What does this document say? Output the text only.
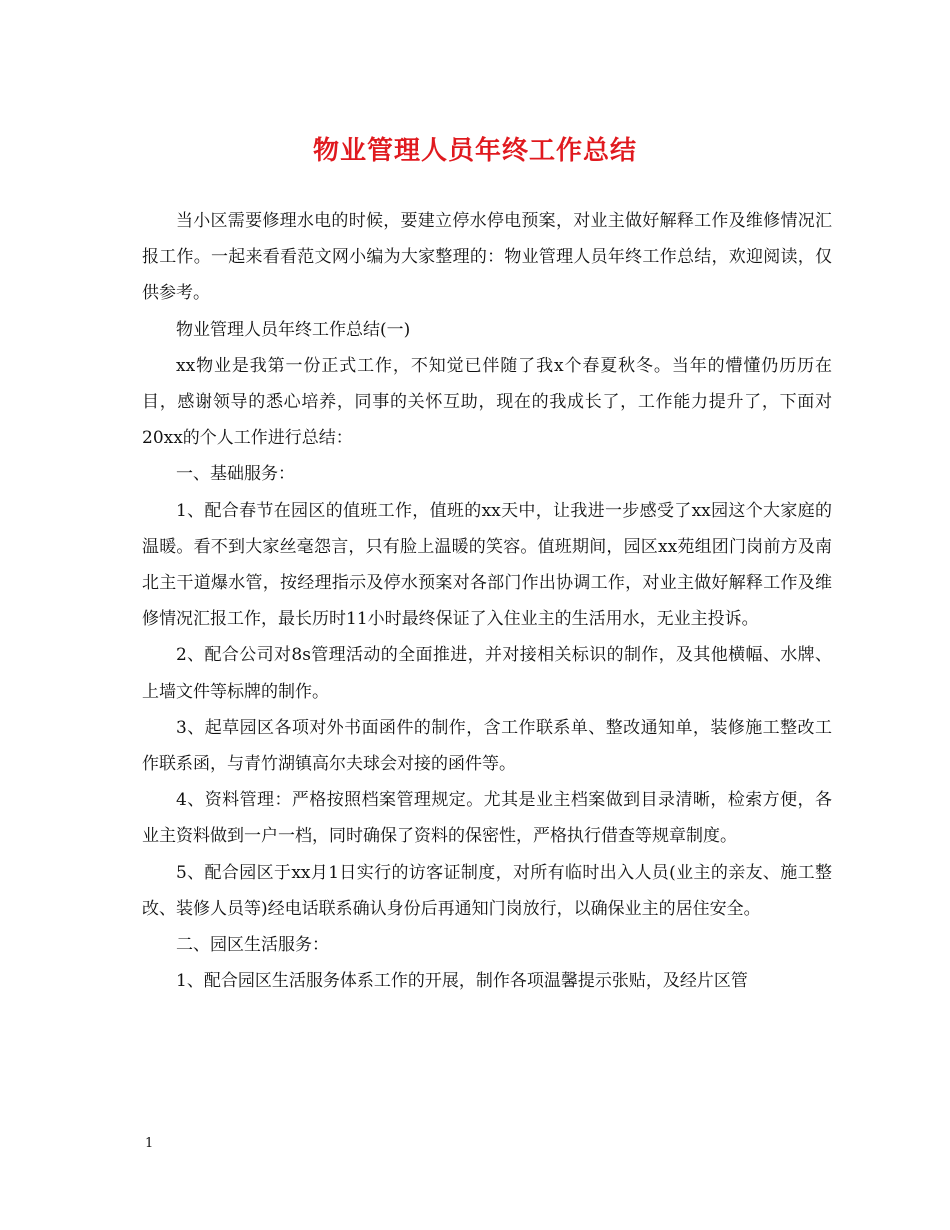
物业管理人员年终工作总结

当小区需要修理水电的时候，要建立停水停电预案，对业主做好解释工作及维修情况汇报工作。一起来看看范文网小编为大家整理的：物业管理人员年终工作总结，欢迎阅读，仅供参考。

物业管理人员年终工作总结(一)

xx物业是我第一份正式工作，不知觉已伴随了我x个春夏秋冬。当年的懵懂仍历历在目，感谢领导的悉心培养，同事的关怀互助，现在的我成长了，工作能力提升了，下面对20xx的个人工作进行总结：

一、基础服务：

1、配合春节在园区的值班工作，值班的xx天中，让我进一步感受了xx园这个大家庭的温暖。看不到大家丝毫怨言，只有脸上温暖的笑容。值班期间，园区xx苑组团门岗前方及南北主干道爆水管，按经理指示及停水预案对各部门作出协调工作，对业主做好解释工作及维修情况汇报工作，最长历时11小时最终保证了入住业主的生活用水，无业主投诉。

2、配合公司对8s管理活动的全面推进，并对接相关标识的制作，及其他横幅、水牌、上墙文件等标牌的制作。

3、起草园区各项对外书面函件的制作，含工作联系单、整改通知单，装修施工整改工作联系函，与青竹湖镇高尔夫球会对接的函件等。

4、资料管理：严格按照档案管理规定。尤其是业主档案做到目录清晰，检索方便，各业主资料做到一户一档，同时确保了资料的保密性，严格执行借查等规章制度。

5、配合园区于xx月1日实行的访客证制度，对所有临时出入人员(业主的亲友、施工整改、装修人员等)经电话联系确认身份后再通知门岗放行，以确保业主的居住安全。

二、园区生活服务：

1、配合园区生活服务体系工作的开展，制作各项温馨提示张贴，及经片区管

1
